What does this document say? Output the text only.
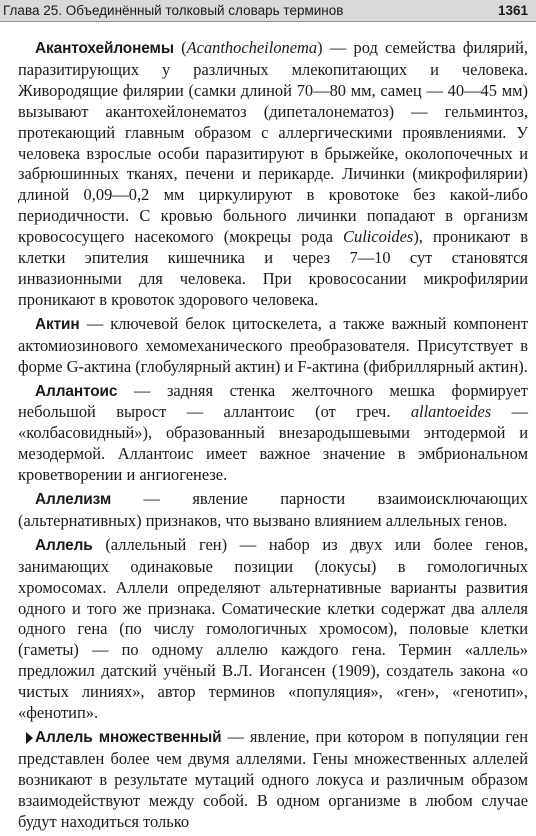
Глава 25. Объединённый толковый словарь терминов	1361

Акантохейлонемы (Acanthocheilonema) — род семейства филярий, паразитирующих у различных млекопитающих и человека. Живородящие филярии (самки длиной 70—80 мм, самец — 40—45 мм) вызывают акантохейлонематоз (дипеталонематоз) — гельминтоз, протекающий главным образом с аллергическими проявлениями. У человека взрослые особи паразитируют в брыжейке, околопочечных и забрюшинных тканях, печени и перикарде. Личинки (микрофилярии) длиной 0,09—0,2 мм циркулируют в кровотоке без какой-либо периодичности. С кровью больного личинки попадают в организм кровососущего насекомого (мокрецы рода Culicoides), проникают в клетки эпителия кишечника и через 7—10 сут становятся инвазионными для человека. При кровососании микрофилярии проникают в кровоток здорового человека.

Актин — ключевой белок цитоскелета, а также важный компонент актомиозинового хемомеханического преобразователя. Присутствует в форме G-актина (глобулярный актин) и F-актина (фибриллярный актин).

Аллантоис — задняя стенка желточного мешка формирует небольшой вырост — аллантоис (от греч. allantoeides — «колбасовидный»), образованный внезародышевыми энтодермой и мезодермой. Аллантоис имеет важное значение в эмбриональном кроветворении и ангиогенезе.

Аллелизм — явление парности взаимоисключающих (альтернативных) признаков, что вызвано влиянием аллельных генов.

Аллель (аллельный ген) — набор из двух или более генов, занимающих одинаковые позиции (локусы) в гомологичных хромосомах. Аллели определяют альтернативные варианты развития одного и того же признака. Соматические клетки содержат два аллеля одного гена (по числу гомологичных хромосом), половые клетки (гаметы) — по одному аллелю каждого гена. Термин «аллель» предложил датский учёный В.Л. Иогансен (1909), создатель закона «о чистых линиях», автор терминов «популяция», «ген», «генотип», «фенотип».

Аллель множественный — явление, при котором в популяции ген представлен более чем двумя аллелями. Гены множественных аллелей возникают в результате мутаций одного локуса и различным образом взаимодействуют между собой. В одном организме в любом случае будут находиться только
